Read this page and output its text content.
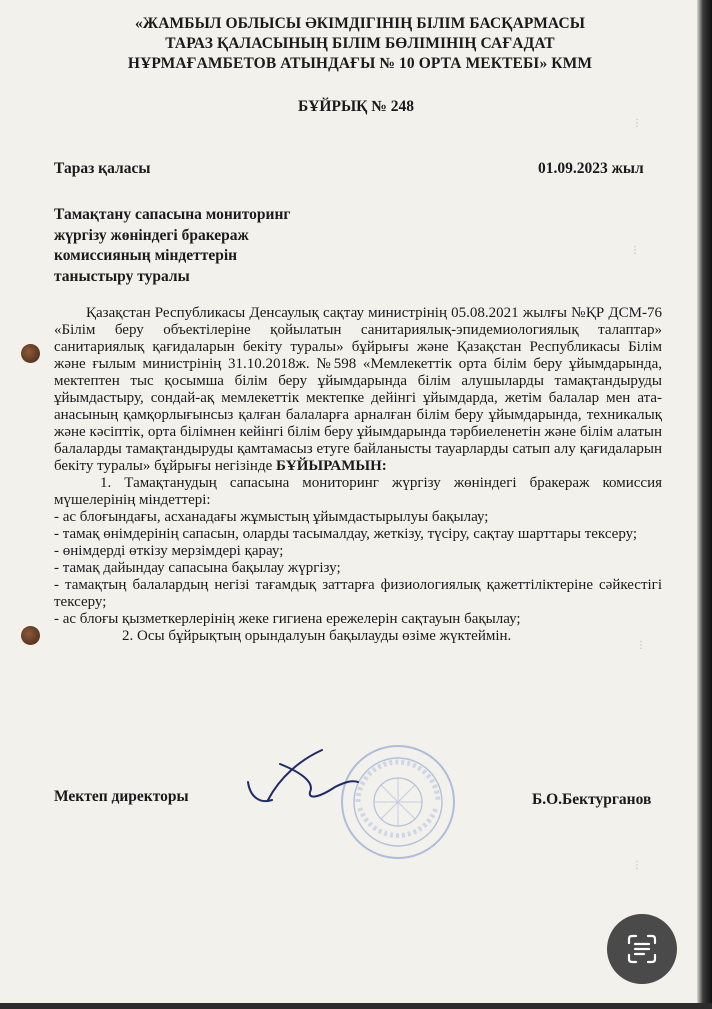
«ЖАМБЫЛ ОБЛЫСЫ ӘКІМДІГІНІҢ БІЛІМ БАСҚАРМАСЫ
ТАРАЗ ҚАЛАСЫНЫҢ БІЛІМ БӨЛІМІНІҢ САҒАДАТ
НҰРМАҒАМБЕТОВ АТЫНДАҒЫ № 10 ОРТА МЕКТЕБІ» КММ
БҰЙРЫҚ № 248
Тараз қаласы	01.09.2023 жыл
Тамақтану сапасына мониторинг
жүргізу жөніндегі бракераж
комиссияның міндеттерін
таныстыру туралы

Қазақстан Республикасы Денсаулық сақтау министрінің 05.08.2021 жылғы №ҚР ДСМ-76 «Білім беру объектілеріне қойылатын санитариялық-эпидемиологиялық талаптар» санитариялық қағидаларын бекіту туралы» бұйрығы және Қазақстан Республикасы Білім және ғылым министрінің 31.10.2018ж. №598 «Мемлекеттік орта білім беру ұйымдарында, мектептен тыс қосымша білім беру ұйымдарында білім алушыларды тамақтандыруды ұйымдастыру, сондай-ақ мемлекеттік мектепке дейінгі ұйымдарда, жетім балалар мен ата-анасының қамқорлығынсыз қалған балаларға арналған білім беру ұйымдарында, техникалық және кәсіптік, орта білімнен кейінгі білім беру ұйымдарында тәрбиеленетін және білім алатын балаларды тамақтандыруды қамтамасыз етуге байланысты тауарларды сатып алу қағидаларын бекіту туралы» бұйрығы негізінде БҰЙЫРАМЫН:

1. Тамақтанудың сапасына мониторинг жүргізу жөніндегі бракераж комиссия мүшелерінің міндеттері:

- ас блоғындағы, асханадағы жұмыстың ұйымдастырылуы бақылау;

- тамақ өнімдерінің сапасын, оларды тасымалдау, жеткізу, түсіру, сақтау шарттары тексеру;

- өнімдерді өткізу мерзімдері қарау;

- тамақ дайындау сапасына бақылау жүргізу;

- тамақтың балалардың негізі тағамдық заттарға физиологиялық қажеттіліктеріне сәйкестігі тексеру;

- ас блоғы қызметкерлерінің жеке гигиена ережелерін сақтауын бақылау;

2. Осы бұйрықтың орындалуын бақылауды өзіме жүктеймін.

Мектеп директоры	Б.О.Бектурганов
⋮
⋮
⋮
⋮
